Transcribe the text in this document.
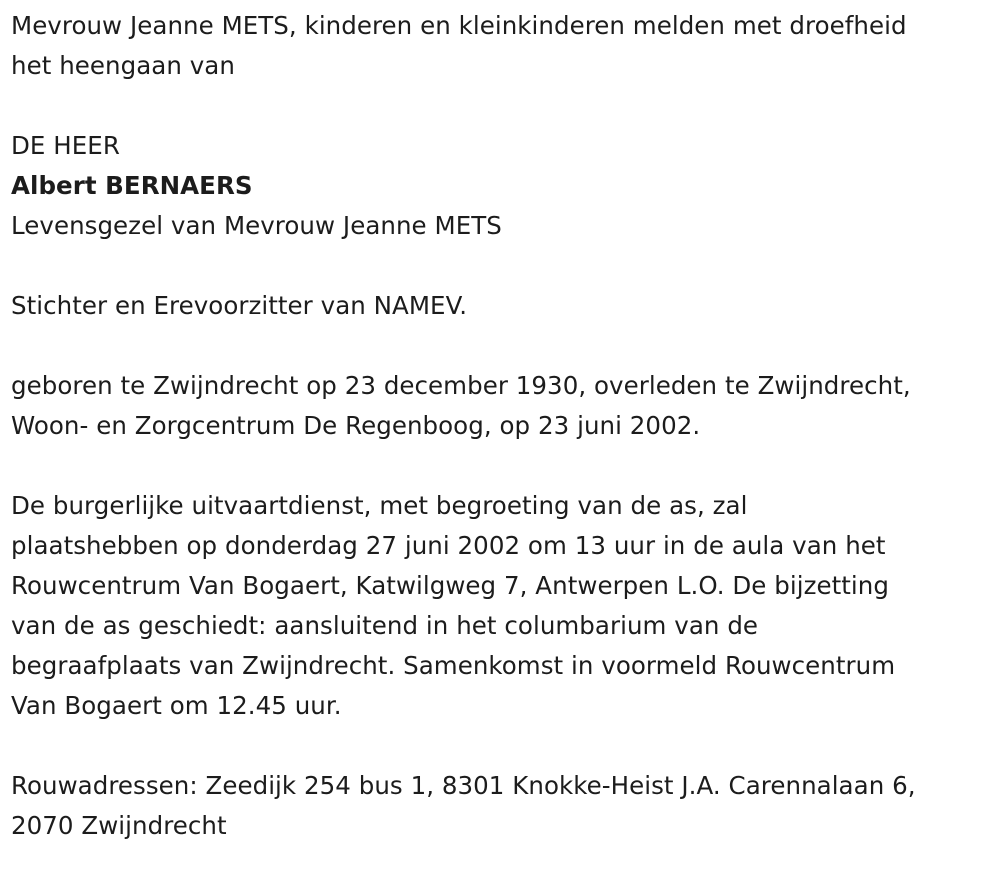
Mevrouw Jeanne METS, kinderen en kleinkinderen melden met droefheid
het heengaan van
DE HEER
Albert BERNAERS
Levensgezel van Mevrouw Jeanne METS
Stichter en Erevoorzitter van NAMEV.
geboren te Zwijndrecht op 23 december 1930, overleden te Zwijndrecht,
Woon- en Zorgcentrum De Regenboog, op 23 juni 2002.
De burgerlijke uitvaartdienst, met begroeting van de as, zal
plaatshebben op donderdag 27 juni 2002 om 13 uur in de aula van het
Rouwcentrum Van Bogaert, Katwilgweg 7, Antwerpen L.O. De bijzetting
van de as geschiedt: aansluitend in het columbarium van de
begraafplaats van Zwijndrecht. Samenkomst in voormeld Rouwcentrum
Van Bogaert om 12.45 uur.
Rouwadressen: Zeedijk 254 bus 1, 8301 Knokke-Heist J.A. Carennalaan 6,
2070 Zwijndrecht
